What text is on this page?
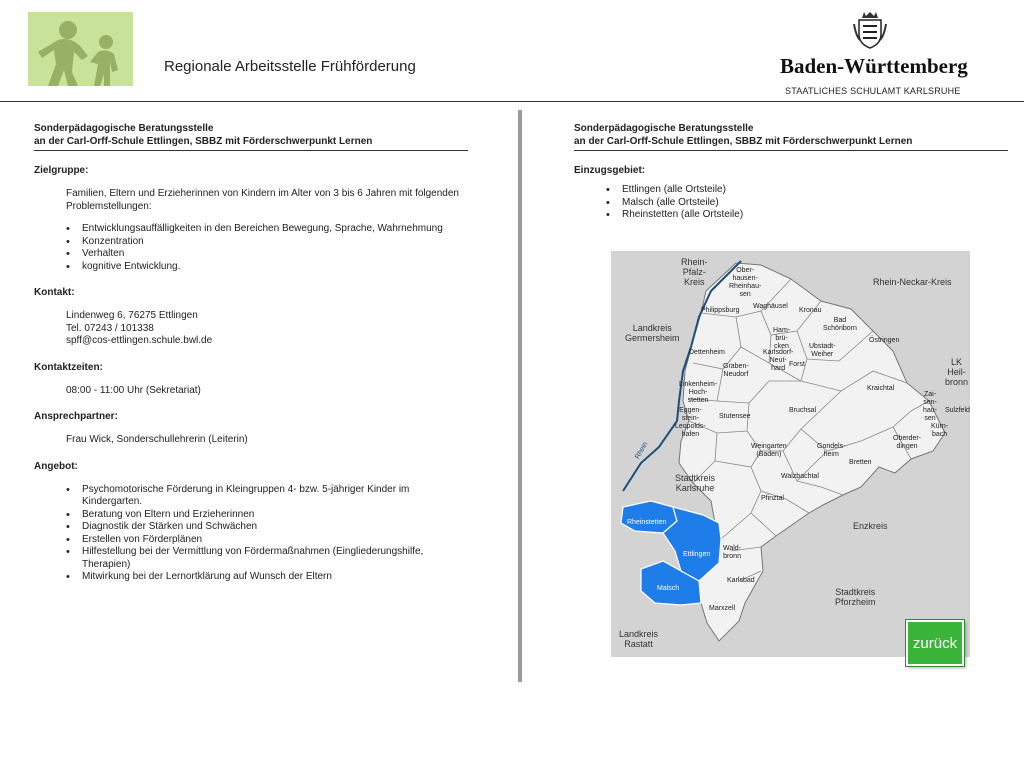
Regionale Arbeitsstelle Frühförderung	Baden-Württemberg
STAATLICHES SCHULAMT KARLSRUHE
Sonderpädagogische Beratungsstelle
an der Carl-Orff-Schule Ettlingen, SBBZ mit Förderschwerpunkt Lernen
Zielgruppe:
Familien, Eltern und Erzieherinnen von Kindern im Alter von 3 bis 6 Jahren mit folgenden Problemstellungen:
• Entwicklungsauffälligkeiten in den Bereichen Bewegung, Sprache, Wahrnehmung
• Konzentration
• Verhalten
• kognitive Entwicklung.
Kontakt:
Lindenweg 6, 76275 Ettlingen
Tel. 07243 / 101338
spff@cos-ettlingen.schule.bwl.de
Kontaktzeiten:
08:00 - 11:00 Uhr (Sekretariat)
Ansprechpartner:
Frau Wick, Sonderschullehrerin (Leiterin)
Angebot:
• Psychomotorische Förderung in Kleingruppen 4- bzw. 5-jähriger Kinder im Kindergarten.
• Beratung von Eltern und Erzieherinnen
• Diagnostik der Stärken und Schwächen
• Erstellen von Förderplänen
• Hilfestellung bei der Vermittlung von Fördermaßnahmen (Eingliederungshilfe, Therapien)
• Mitwirkung bei der Lernortklärung auf Wunsch der Eltern
Sonderpädagogische Beratungsstelle
an der Carl-Orff-Schule Ettlingen, SBBZ mit Förderschwerpunkt Lernen
Einzugsgebiet:
• Ettlingen (alle Ortsteile)
• Malsch (alle Ortsteile)
• Rheinstetten (alle Ortsteile)
Rhein-
Pfalz-
Kreis	Rhein-Neckar-Kreis
Landkreis
Germersheim
LK
Heil-
bronn
Stadtkreis
Karlsruhe
Enzkreis
Stadtkreis
Pforzheim
Landkreis
Rastatt
Rhein
Ober-
hausen-
Rheinhau-
sen
Waghäusel
Philippsburg	Kronau
Bad
Schönborn
Ham-
brü-
cken
Östringen
Dettenheim	Karlsdorf-
Neut-
hard
Ubstadt-
Weiher
Graben-
Neudorf
Forst
Kraichtal
Linkenheim-
Hoch-
stetten
Zai-
sen-
hau-
sen
Sulzfeld
Eggen-
stein-
Leopolds-
hafen
Stutensee
Bruchsal
Kürn-
bach
Oberder-
dingen
Weingarten
(Baden)
Gondels-
heim
Bretten
Walzbachtal
Pfinztal
Rheinstetten
Ettlingen
Wald-
bronn
Karlsbad
Malsch
Marxzell
zurück
